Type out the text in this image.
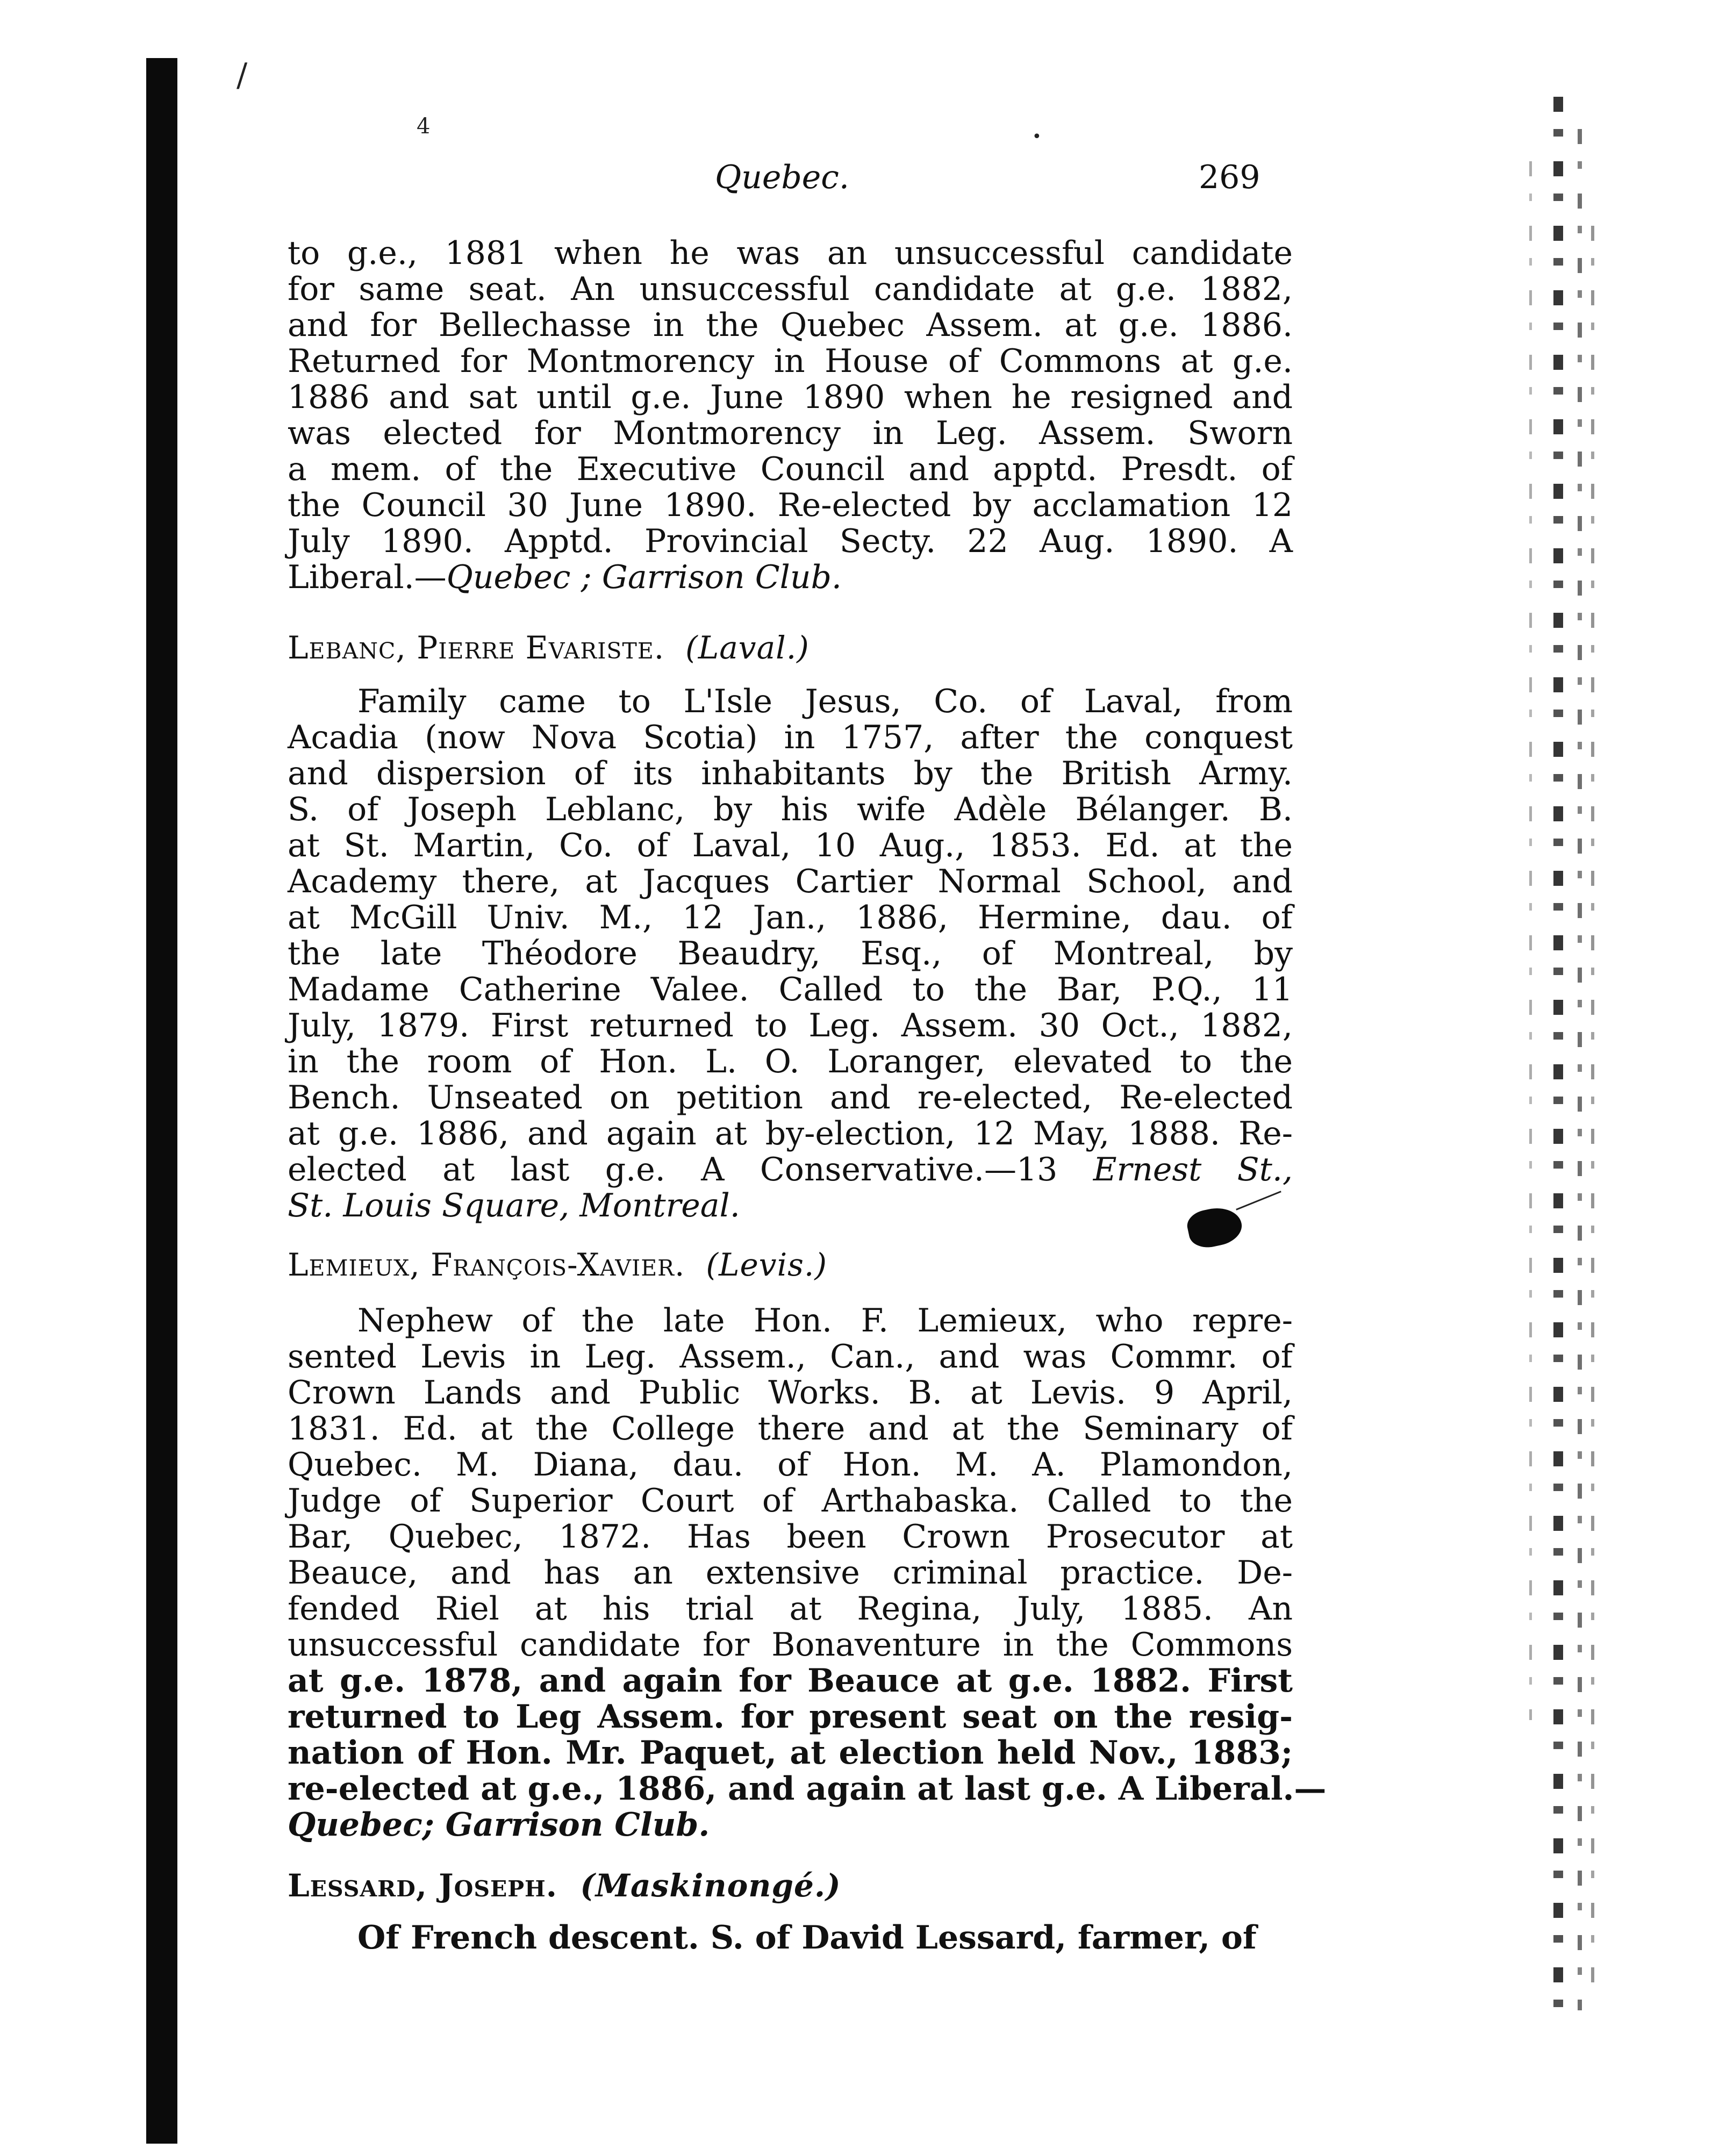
/
4	•
Quebec.	269
to g.e., 1881 when he was an unsuccessful candidate
for same seat. An unsuccessful candidate at g.e. 1882,
and for Bellechasse in the Quebec Assem. at g.e. 1886.
Returned for Montmorency in House of Commons at g.e.
1886 and sat until g.e. June 1890 when he resigned and
was elected for Montmorency in Leg. Assem. Sworn
a mem. of the Executive Council and apptd. Presdt. of
the Council 30 June 1890. Re-elected by acclamation 12
July 1890. Apptd. Provincial Secty. 22 Aug. 1890. A
Liberal.—Quebec ; Garrison Club.
Lebanc, Pierre Evariste. (Laval.)
Family came to L'Isle Jesus, Co. of Laval, from
Acadia (now Nova Scotia) in 1757, after the conquest
and dispersion of its inhabitants by the British Army.
S. of Joseph Leblanc, by his wife Adèle Bélanger. B.
at St. Martin, Co. of Laval, 10 Aug., 1853. Ed. at the
Academy there, at Jacques Cartier Normal School, and
at McGill Univ. M., 12 Jan., 1886, Hermine, dau. of
the late Théodore Beaudry, Esq., of Montreal, by
Madame Catherine Valee. Called to the Bar, P.Q., 11
July, 1879. First returned to Leg. Assem. 30 Oct., 1882,
in the room of Hon. L. O. Loranger, elevated to the
Bench. Unseated on petition and re-elected, Re-elected
at g.e. 1886, and again at by-election, 12 May, 1888. Re-
elected at last g.e. A Conservative.—13 Ernest St.,
St. Louis Square, Montreal.
Lemieux, François-Xavier. (Levis.)
Nephew of the late Hon. F. Lemieux, who repre-
sented Levis in Leg. Assem., Can., and was Commr. of
Crown Lands and Public Works. B. at Levis. 9 April,
1831. Ed. at the College there and at the Seminary of
Quebec. M. Diana, dau. of Hon. M. A. Plamondon,
Judge of Superior Court of Arthabaska. Called to the
Bar, Quebec, 1872. Has been Crown Prosecutor at
Beauce, and has an extensive criminal practice. De-
fended Riel at his trial at Regina, July, 1885. An
unsuccessful candidate for Bonaventure in the Commons
at g.e. 1878, and again for Beauce at g.e. 1882. First
returned to Leg Assem. for present seat on the resig-
nation of Hon. Mr. Paquet, at election held Nov., 1883;
re-elected at g.e., 1886, and again at last g.e. A Liberal.—
Quebec; Garrison Club.
Lessard, Joseph. (Maskinongé.)
Of French descent. S. of David Lessard, farmer, of
